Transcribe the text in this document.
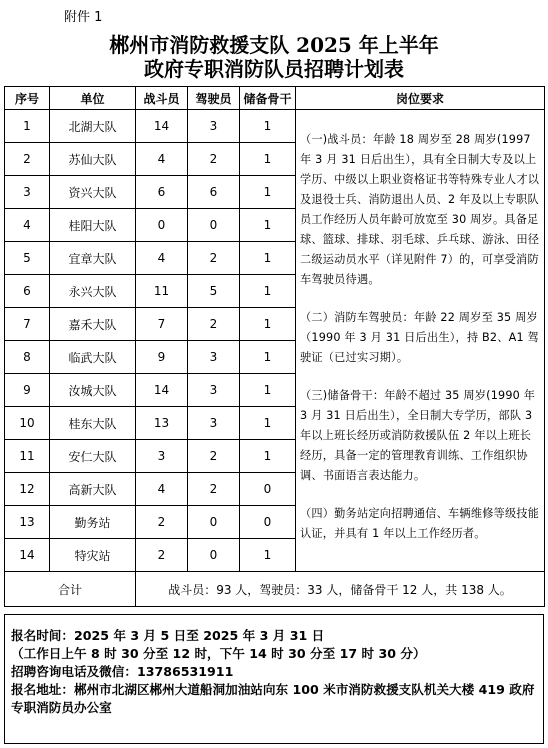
附件 1
郴州市消防救援支队 2025 年上半年
政府专职消防队员招聘计划表
序号	单位	战斗员	驾驶员	储备骨干	岗位要求
1	北湖大队	14	3	1	（一)战斗员：年龄 18 周岁至 28 周岁(1997 年 3 月 31 日后出生），具有全日制大专及以上学历、中级以上职业资格证书等特殊专业人才以及退役士兵、消防退出人员、2 年及以上专职队员工作经历人员年龄可放宽至 30 周岁。具备足球、篮球、排球、羽毛球、乒乓球、游泳、田径二级运动员水平（详见附件 7）的，可享受消防车驾驶员待遇。

（二）消防车驾驶员：年龄 22 周岁至 35 周岁（1990 年 3 月 31 日后出生），持 B2、A1 驾驶证（已过实习期）。

（三)储备骨干：年龄不超过 35 周岁(1990 年 3 月 31 日后出生），全日制大专学历，部队 3 年以上班长经历或消防救援队伍 2 年以上班长经历，具备一定的管理教育训练、工作组织协调、书面语言表达能力。

（四）勤务站定向招聘通信、车辆维修等级技能认证，并具有 1 年以上工作经历者。

2	苏仙大队	4	2	1	
3	资兴大队	6	6	1	
4	桂阳大队	0	0	1	
5	宜章大队	4	2	1	
6	永兴大队	11	5	1	
7	嘉禾大队	7	2	1	
8	临武大队	9	3	1	
9	汝城大队	14	3	1	
10	桂东大队	13	3	1	
11	安仁大队	3	2	1	
12	高新大队	4	2	0	
13	勤务站	2	0	0	
14	特灾站	2	0	1	
合计		战斗员：93 人，驾驶员：33 人，储备骨干 12 人，共 138 人。			
报名时间：2025 年 3 月 5 日至 2025 年 3 月 31 日
（工作日上午 8 时 30 分至 12 时，下午 14 时 30 分至 17 时 30 分）
招聘咨询电话及微信：13786531911
报名地址：郴州市北湖区郴州大道船洞加油站向东 100 米市消防救援支队机关大楼 419 政府专职消防员办公室
